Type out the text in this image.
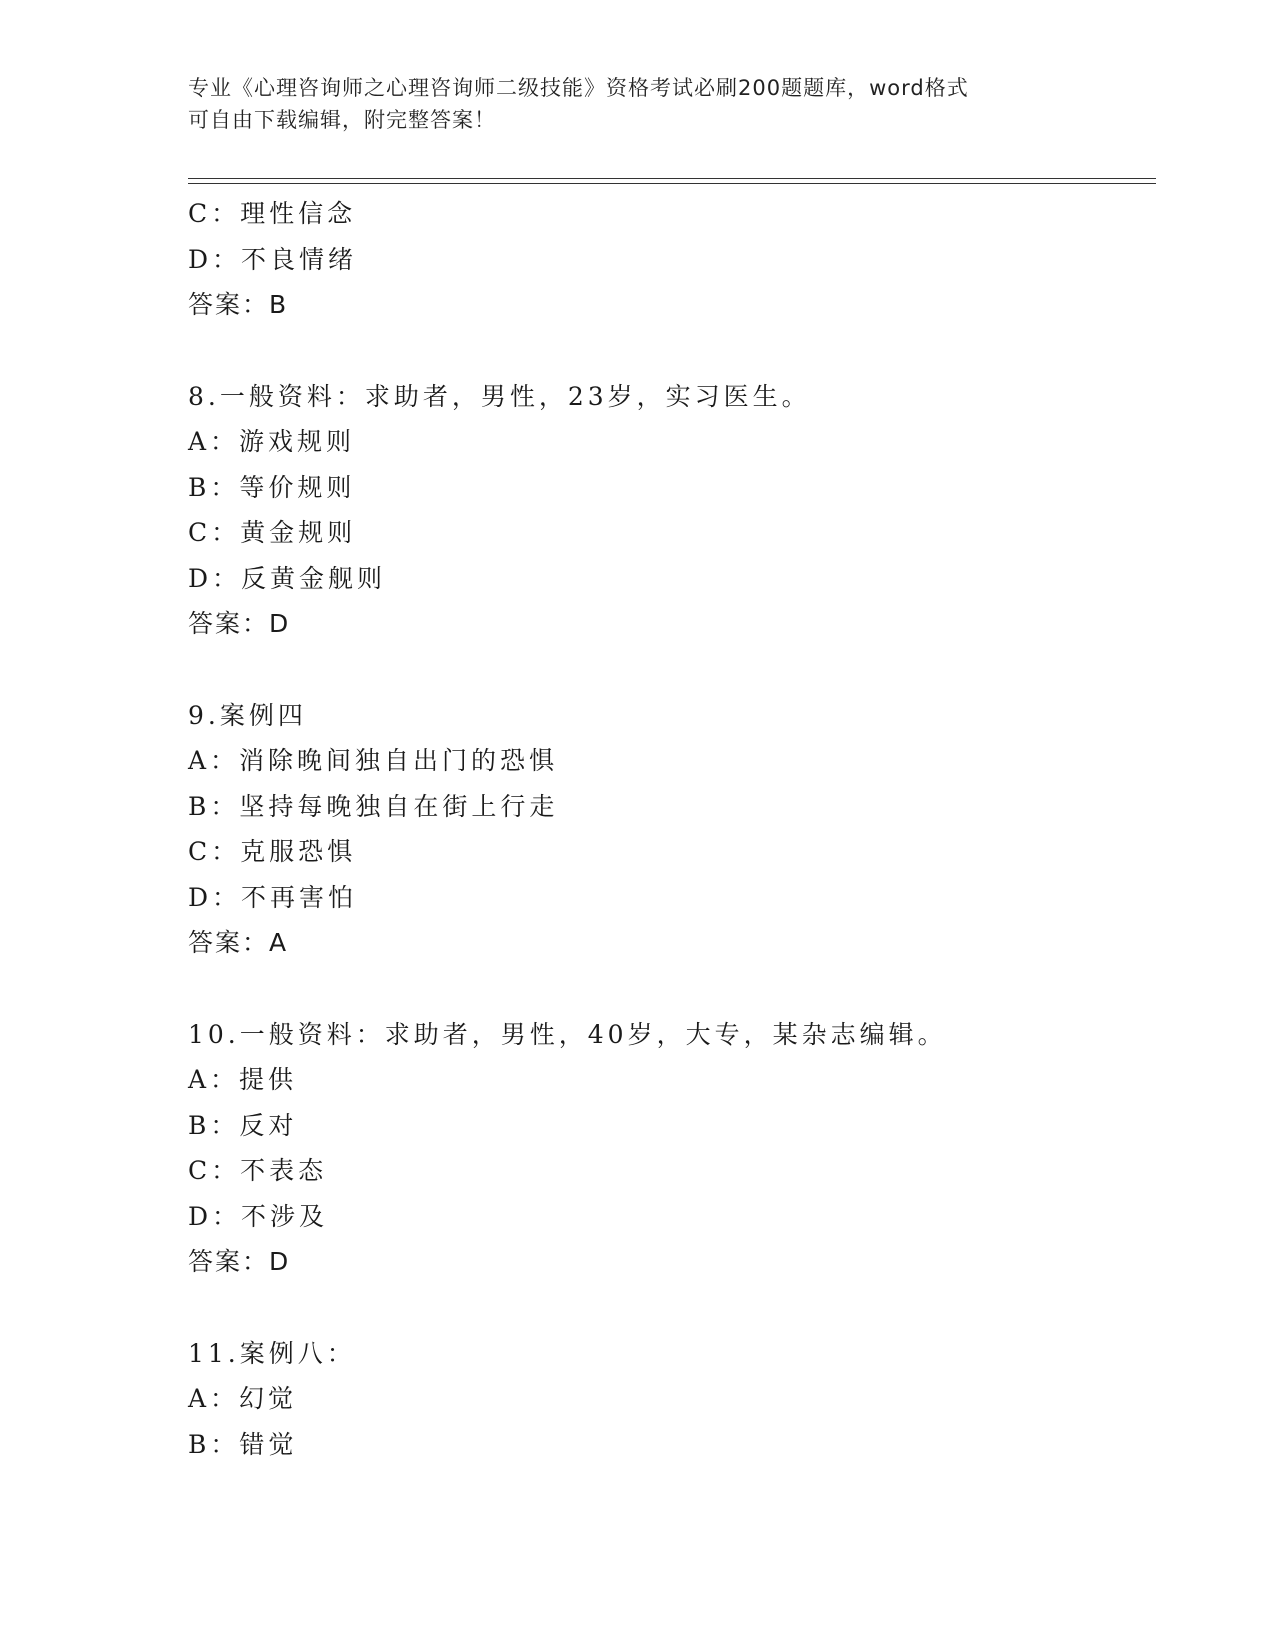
专业《心理咨询师之心理咨询师二级技能》资格考试必刷200题题库，word格式
可自由下载编辑，附完整答案！
C：理性信念
D：不良情绪
答案：B
8.一般资料：求助者，男性，23岁，实习医生。
A：游戏规则
B：等价规则
C：黄金规则
D：反黄金舰则
答案：D
9.案例四
A：消除晚间独自出门的恐惧
B：坚持每晚独自在街上行走
C：克服恐惧
D：不再害怕
答案：A
10.一般资料：求助者，男性，40岁，大专，某杂志编辑。
A：提供
B：反对
C：不表态
D：不涉及
答案：D
11.案例八：
A：幻觉
B：错觉
